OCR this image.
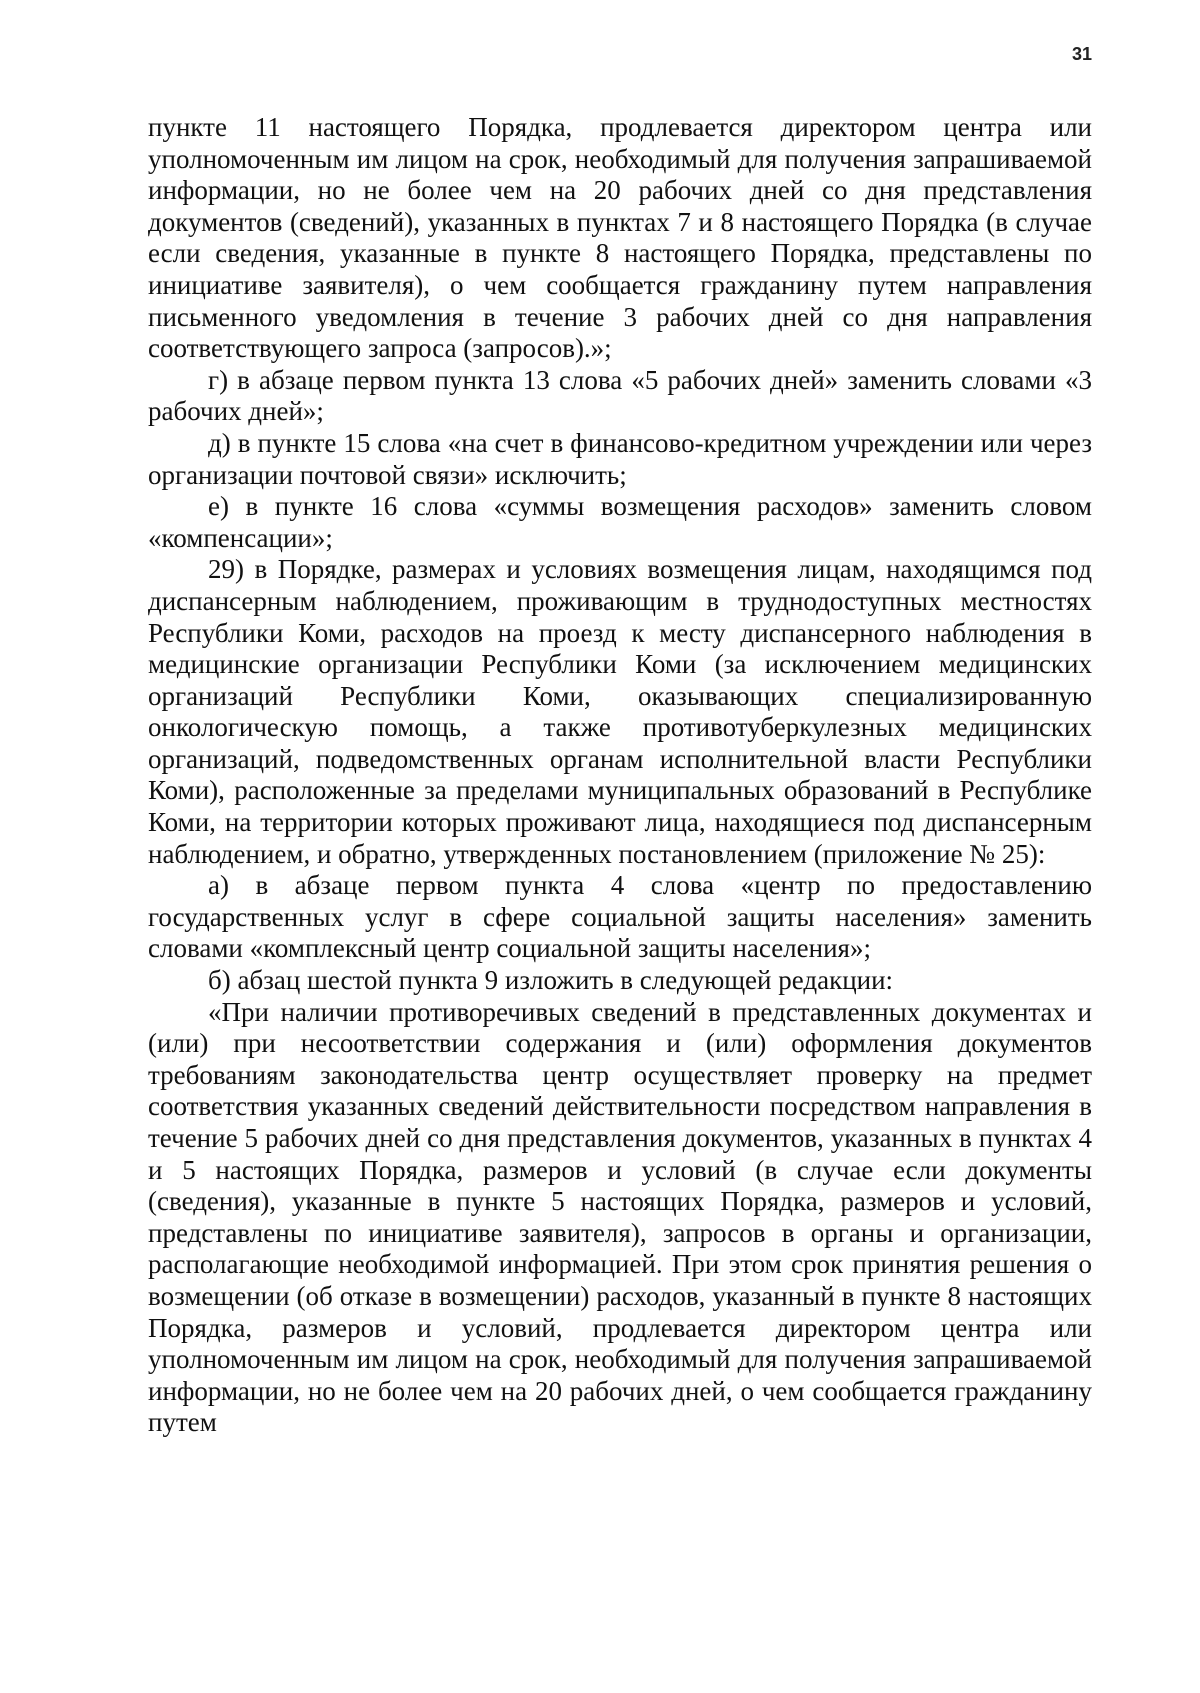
31

пункте 11 настоящего Порядка, продлевается директором центра или уполномоченным им лицом на срок, необходимый для получения запрашиваемой информации, но не более чем на 20 рабочих дней со дня представления документов (сведений), указанных в пунктах 7 и 8 настоящего Порядка (в случае если сведения, указанные в пункте 8 настоящего Порядка, представлены по инициативе заявителя), о чем сообщается гражданину путем направления письменного уведомления в течение 3 рабочих дней со дня направления соответствующего запроса (запросов).»;

г) в абзаце первом пункта 13 слова «5 рабочих дней» заменить словами «3 рабочих дней»;

д) в пункте 15 слова «на счет в финансово-кредитном учреждении или через организации почтовой связи» исключить;

е) в пункте 16 слова «суммы возмещения расходов» заменить словом «компенсации»;

29) в Порядке, размерах и условиях возмещения лицам, находящимся под диспансерным наблюдением, проживающим в труднодоступных местностях Республики Коми, расходов на проезд к месту диспансерного наблюдения в медицинские организации Республики Коми (за исключением медицинских организаций Республики Коми, оказывающих специализированную онкологическую помощь, а также противотуберкулезных медицинских организаций, подведомственных органам исполнительной власти Республики Коми), расположенные за пределами муниципальных образований в Республике Коми, на территории которых проживают лица, находящиеся под диспансерным наблюдением, и обратно, утвержденных постановлением (приложение № 25):

а) в абзаце первом пункта 4 слова «центр по предоставлению государственных услуг в сфере социальной защиты населения» заменить словами «комплексный центр социальной защиты населения»;

б) абзац шестой пункта 9 изложить в следующей редакции:

«При наличии противоречивых сведений в представленных документах и (или) при несоответствии содержания и (или) оформления документов требованиям законодательства центр осуществляет проверку на предмет соответствия указанных сведений действительности посредством направления в течение 5 рабочих дней со дня представления документов, указанных в пунктах 4 и 5 настоящих Порядка, размеров и условий (в случае если документы (сведения), указанные в пункте 5 настоящих Порядка, размеров и условий, представлены по инициативе заявителя), запросов в органы и организации, располагающие необходимой информацией. При этом срок принятия решения о возмещении (об отказе в возмещении) расходов, указанный в пункте 8 настоящих Порядка, размеров и условий, продлевается директором центра или уполномоченным им лицом на срок, необходимый для получения запрашиваемой информации, но не более чем на 20 рабочих дней, о чем сообщается гражданину путем
